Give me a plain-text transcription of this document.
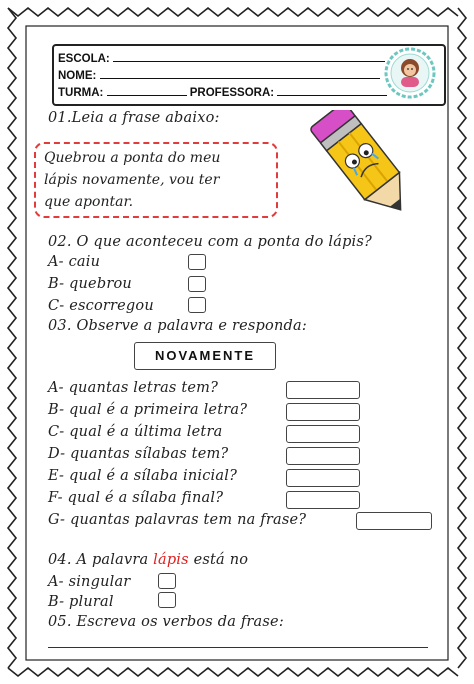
ESCOLA:
NOME:
TURMA:	PROFESSORA:
01.Leia a frase abaixo:
Quebrou a ponta do meu
lápis novamente, vou ter
que apontar.
02. O que aconteceu com a ponta do lápis?
A- caiu
B- quebrou
C- escorregou
03. Observe a palavra e responda:
NOVAMENTE
A- quantas letras tem?
B- qual é a primeira letra?
C- qual é a última letra
D- quantas sílabas tem?
E- qual é a sílaba inicial?
F- qual é a sílaba final?
G- quantas palavras tem na frase?
04. A palavra lápis está no
A- singular
B- plural
05. Escreva os verbos da frase:
